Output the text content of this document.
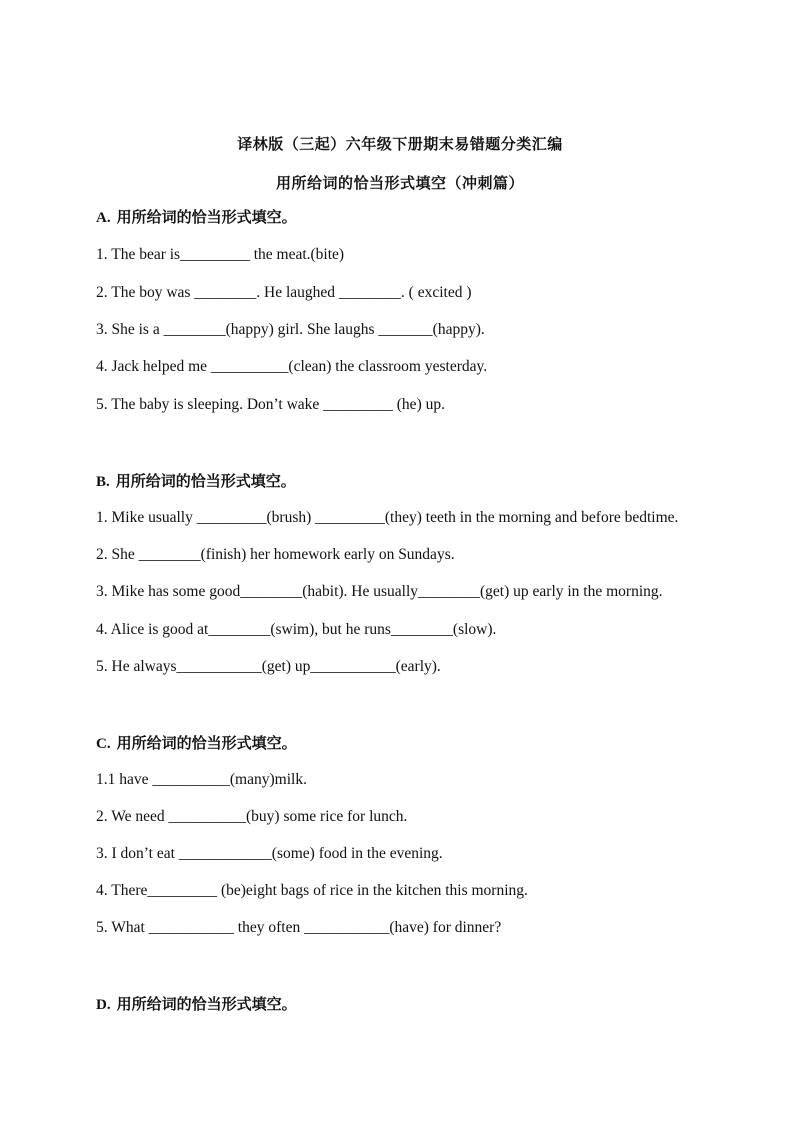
译林版（三起）六年级下册期末易错题分类汇编
用所给词的恰当形式填空（冲刺篇）
A. 用所给词的恰当形式填空。
1. The bear is_________ the meat.(bite)
2. The boy was ________. He laughed ________. ( excited )
3. She is a ________(happy) girl. She laughs _______(happy).
4. Jack helped me __________(clean) the classroom yesterday.
5. The baby is sleeping. Don’t wake _________ (he) up.
B. 用所给词的恰当形式填空。
1. Mike usually _________(brush) _________(they) teeth in the morning and before bedtime.
2. She ________(finish) her homework early on Sundays.
3. Mike has some good________(habit). He usually________(get) up early in the morning.
4. Alice is good at________(swim), but he runs________(slow).
5. He always___________(get) up___________(early).
C. 用所给词的恰当形式填空。
1.1 have __________(many)milk.
2. We need __________(buy) some rice for lunch.
3. I don’t eat ____________(some) food in the evening.
4. There_________ (be)eight bags of rice in the kitchen this morning.
5. What ___________ they often ___________(have) for dinner?
D. 用所给词的恰当形式填空。
